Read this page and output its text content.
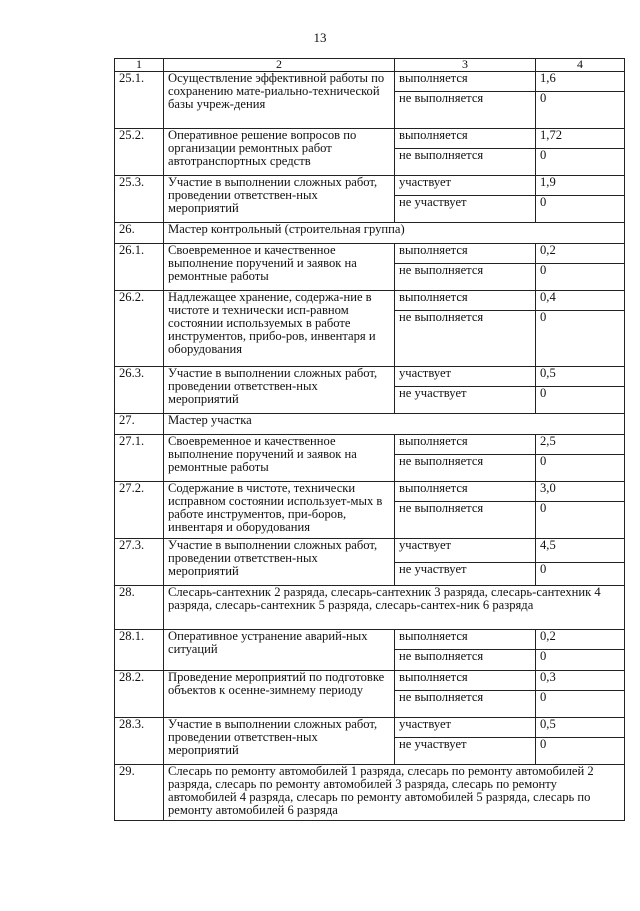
13
1	2	3	4
25.1.	Осуществление эффективной работы по сохранению мате-риально-технической базы учреж-дения	выполняется	1,6
		не выполняется	0
25.2.	Оперативное решение вопросов по организации ремонтных работ автотранспортных средств	выполняется	1,72
		не выполняется	0
25.3.	Участие в выполнении сложных работ, проведении ответствен-ных мероприятий	участвует	1,9
		не участвует	0
26.	Мастер контрольный (строительная группа)		
26.1.	Своевременное и качественное выполнение поручений и заявок на ремонтные работы	выполняется	0,2
		не выполняется	0
26.2.	Надлежащее хранение, содержа-ние в чистоте и технически исп-равном состоянии используемых в работе инструментов, прибо-ров, инвентаря и оборудования	выполняется	0,4
		не выполняется	0
26.3.	Участие в выполнении сложных работ, проведении ответствен-ных мероприятий	участвует	0,5
		не участвует	0
27.	Мастер участка		
27.1.	Своевременное и качественное выполнение поручений и заявок на ремонтные работы	выполняется	2,5
		не выполняется	0
27.2.	Содержание в чистоте, технически исправном состоянии использует-мых в работе инструментов, при-боров, инвентаря и оборудования	выполняется	3,0
		не выполняется	0
27.3.	Участие в выполнении сложных работ, проведении ответствен-ных мероприятий	участвует	4,5
		не участвует	0
28.	Слесарь-сантехник 2 разряда, слесарь-сантехник 3 разряда, слесарь-сантехник 4 разряда, слесарь-сантехник 5 разряда, слесарь-сантех-ник 6 разряда		
28.1.	Оперативное устранение аварий-ных ситуаций	выполняется	0,2
		не выполняется	0
28.2.	Проведение мероприятий по подготовке объектов к осенне-зимнему периоду	выполняется	0,3
		не выполняется	0
28.3.	Участие в выполнении сложных работ, проведении ответствен-ных мероприятий	участвует	0,5
		не участвует	0
29.	Слесарь по ремонту автомобилей 1 разряда, слесарь по ремонту автомобилей 2 разряда, слесарь по ремонту автомобилей 3 разряда, слесарь по ремонту автомобилей 4 разряда, слесарь по ремонту автомобилей 5 разряда, слесарь по ремонту автомобилей 6 разряда		
